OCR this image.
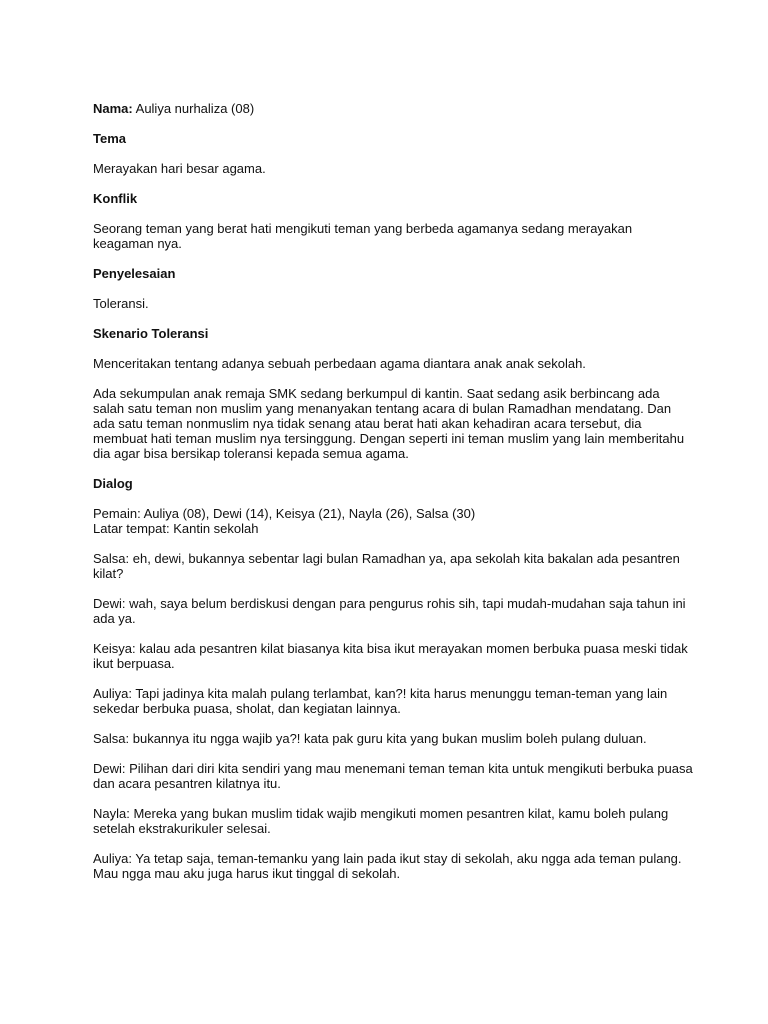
Nama: Auliya nurhaliza (08)

Tema

Merayakan hari besar agama.

Konflik

Seorang teman yang berat hati mengikuti teman yang berbeda agamanya sedang merayakan keagaman nya.

Penyelesaian

Toleransi.

Skenario Toleransi

Menceritakan tentang adanya sebuah perbedaan agama diantara anak anak sekolah.

Ada sekumpulan anak remaja SMK sedang berkumpul di kantin. Saat sedang asik berbincang ada salah satu teman non muslim yang menanyakan tentang acara di bulan Ramadhan mendatang. Dan ada satu teman nonmuslim nya tidak senang atau berat hati akan kehadiran acara tersebut, dia membuat hati teman muslim nya tersinggung. Dengan seperti ini teman muslim yang lain memberitahu dia agar bisa bersikap toleransi kepada semua agama.

Dialog

Pemain: Auliya (08), Dewi (14), Keisya (21), Nayla (26), Salsa (30)

Latar tempat: Kantin sekolah

Salsa: eh, dewi, bukannya sebentar lagi bulan Ramadhan ya, apa sekolah kita bakalan ada pesantren kilat?

Dewi: wah, saya belum berdiskusi dengan para pengurus rohis sih, tapi mudah-mudahan saja tahun ini ada ya.

Keisya: kalau ada pesantren kilat biasanya kita bisa ikut merayakan momen berbuka puasa meski tidak ikut berpuasa.

Auliya: Tapi jadinya kita malah pulang terlambat, kan?! kita harus menunggu teman-teman yang lain sekedar berbuka puasa, sholat, dan kegiatan lainnya.

Salsa: bukannya itu ngga wajib ya?! kata pak guru kita yang bukan muslim boleh pulang duluan.

Dewi: Pilihan dari diri kita sendiri yang mau menemani teman teman kita untuk mengikuti berbuka puasa dan acara pesantren kilatnya itu.

Nayla: Mereka yang bukan muslim tidak wajib mengikuti momen pesantren kilat, kamu boleh pulang setelah ekstrakurikuler selesai.

Auliya: Ya tetap saja, teman-temanku yang lain pada ikut stay di sekolah, aku ngga ada teman pulang. Mau ngga mau aku juga harus ikut tinggal di sekolah.
